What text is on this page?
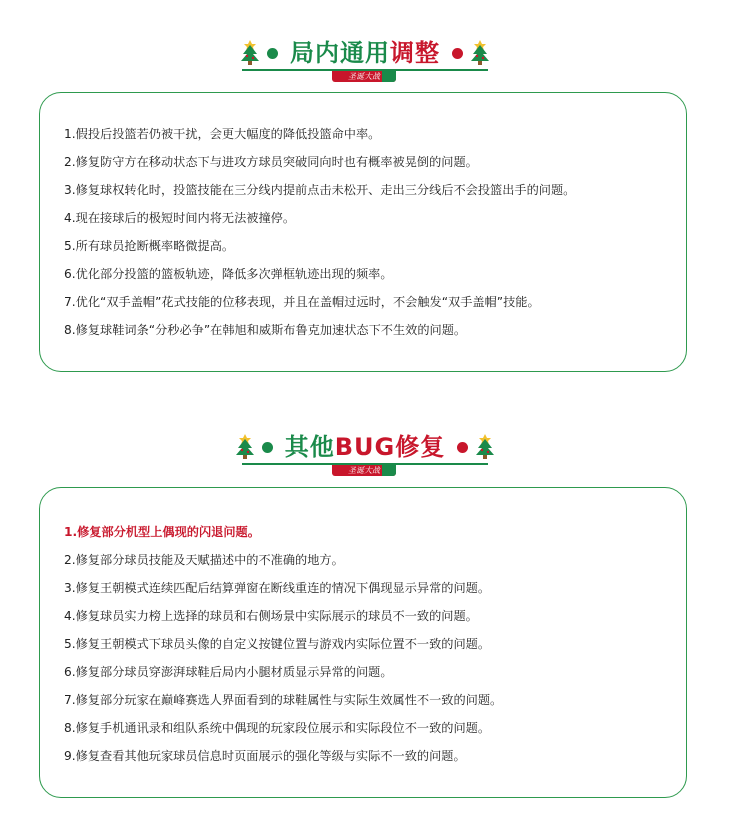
局内通用调整
圣诞大战
1.假投后投篮若仍被干扰，会更大幅度的降低投篮命中率。
2.修复防守方在移动状态下与进攻方球员突破同向时也有概率被晃倒的问题。
3.修复球权转化时，投篮技能在三分线内提前点击未松开、走出三分线后不会投篮出手的问题。
4.现在接球后的极短时间内将无法被撞停。
5.所有球员抢断概率略微提高。
6.优化部分投篮的篮板轨迹，降低多次弹框轨迹出现的频率。
7.优化“双手盖帽”花式技能的位移表现，并且在盖帽过远时，不会触发“双手盖帽”技能。
8.修复球鞋词条“分秒必争”在韩旭和威斯布鲁克加速状态下不生效的问题。
其他BUG修复
圣诞大战
1.修复部分机型上偶现的闪退问题。
2.修复部分球员技能及天赋描述中的不准确的地方。
3.修复王朝模式连续匹配后结算弹窗在断线重连的情况下偶现显示异常的问题。
4.修复球员实力榜上选择的球员和右侧场景中实际展示的球员不一致的问题。
5.修复王朝模式下球员头像的自定义按键位置与游戏内实际位置不一致的问题。
6.修复部分球员穿澎湃球鞋后局内小腿材质显示异常的问题。
7.修复部分玩家在巅峰赛选人界面看到的球鞋属性与实际生效属性不一致的问题。
8.修复手机通讯录和组队系统中偶现的玩家段位展示和实际段位不一致的问题。
9.修复查看其他玩家球员信息时页面展示的强化等级与实际不一致的问题。
